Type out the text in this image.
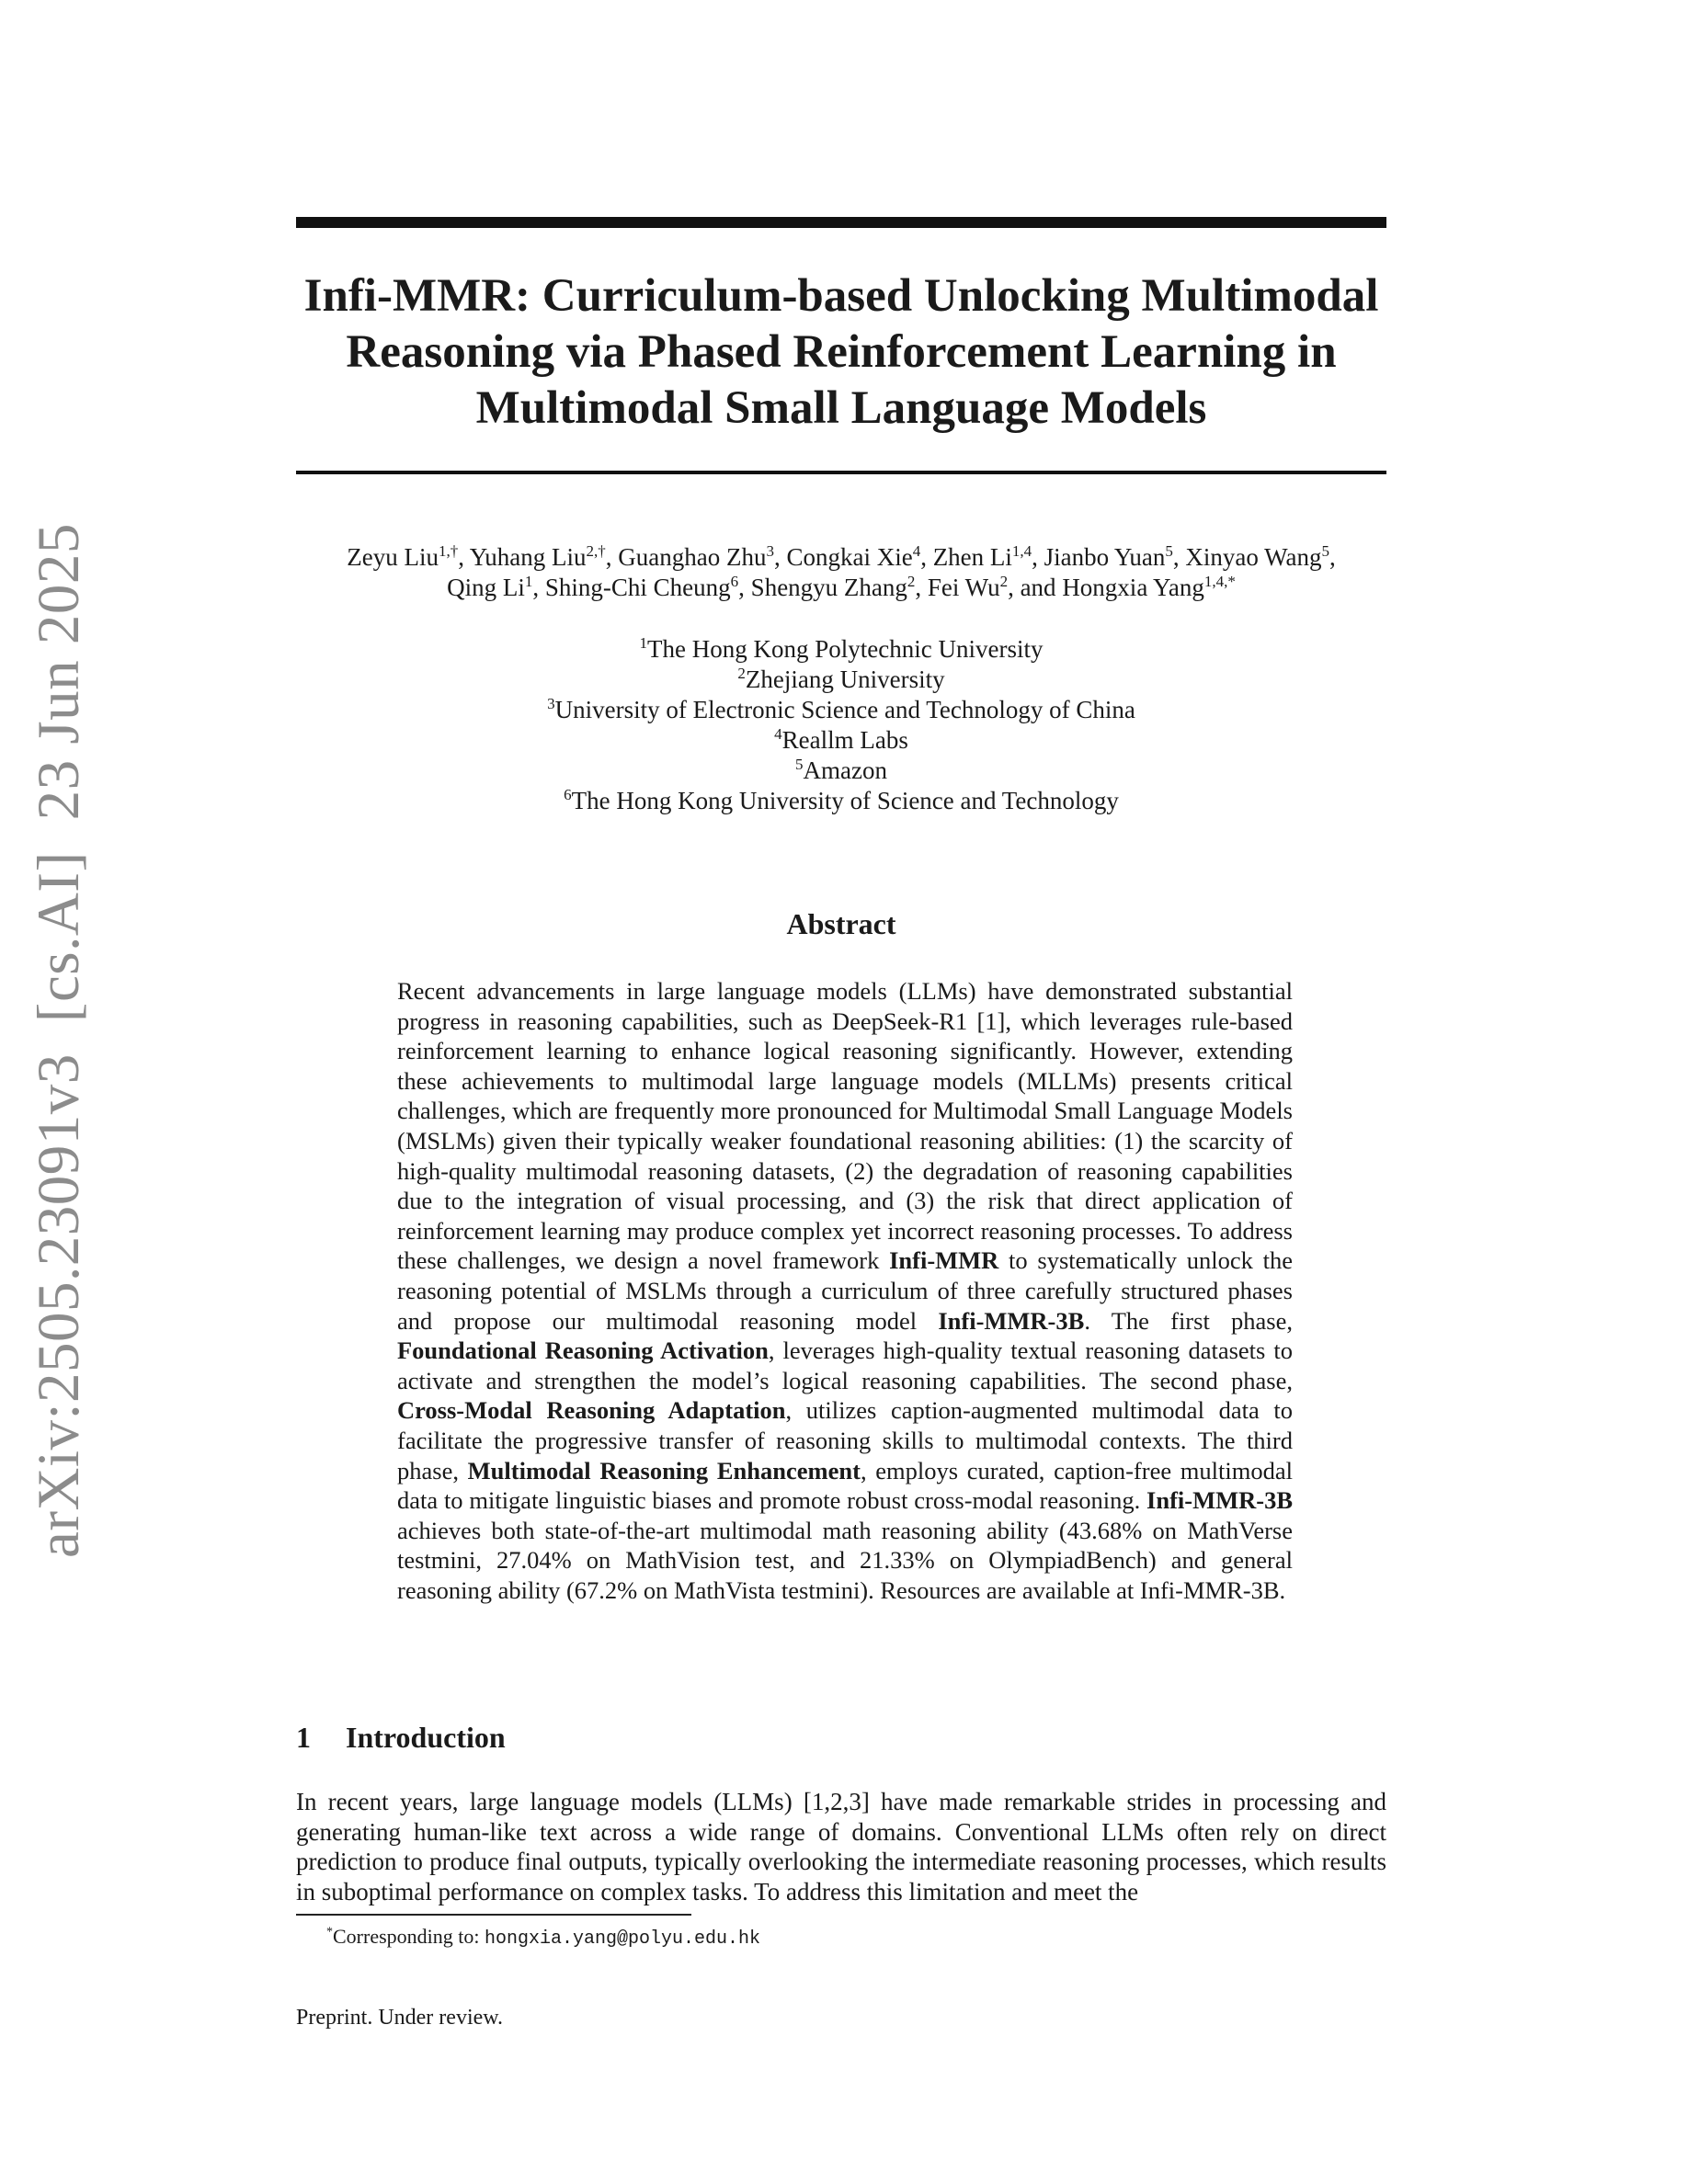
arXiv:2505.23091v3[cs.AI]23 Jun 2025
Infi-MMR: Curriculum-based Unlocking Multimodal
Reasoning via Phased Reinforcement Learning in
Multimodal Small Language Models
Zeyu Liu$^{1,\dagger}$, Yuhang Liu$^{2,\dagger}$, Guanghao Zhu$^3$, Congkai Xie$^4$, Zhen Li$^{1,4}$, Jianbo Yuan$^5$, Xinyao Wang$^5$,
Qing Li$^1$, Shing-Chi Cheung$^6$, Shengyu Zhang$^2$, Fei Wu$^2$, and Hongxia Yang$^{1,4,*}$
$^1$The Hong Kong Polytechnic University
$^2$Zhejiang University
$^3$University of Electronic Science and Technology of China
$^4$Reallm Labs
$^5$Amazon
$^6$The Hong Kong University of Science and Technology
Abstract
Recent advancements in large language models (LLMs) have demonstrated substantial progress in reasoning capabilities, such as DeepSeek-R1 [1], which leverages rule-based reinforcement learning to enhance logical reasoning significantly. However, extending these achievements to multimodal large language models (MLLMs) presents critical challenges, which are frequently more pronounced for Multimodal Small Language Models (MSLMs) given their typically weaker foundational reasoning abilities: (1) the scarcity of high-quality multimodal reasoning datasets, (2) the degradation of reasoning capabilities due to the integration of visual processing, and (3) the risk that direct application of reinforcement learning may produce complex yet incorrect reasoning processes. To address these challenges, we design a novel framework Infi-MMR to systematically unlock the reasoning potential of MSLMs through a curriculum of three carefully structured phases and propose our multimodal reasoning model Infi-MMR-3B. The first phase, Foundational Reasoning Activation, leverages high-quality textual reasoning datasets to activate and strengthen the model’s logical reasoning capabilities. The second phase, Cross-Modal Reasoning Adaptation, utilizes caption-augmented multimodal data to facilitate the progressive transfer of reasoning skills to multimodal contexts. The third phase, Multimodal Reasoning Enhancement, employs curated, caption-free multimodal data to mitigate linguistic biases and promote robust cross-modal reasoning. Infi-MMR-3B achieves both state-of-the-art multimodal math reasoning ability (43.68% on MathVerse testmini, 27.04% on MathVision test, and 21.33% on OlympiadBench) and general reasoning ability (67.2% on MathVista testmini). Resources are available at Infi-MMR-3B.
1 Introduction
In recent years, large language models (LLMs) [1,2,3] have made remarkable strides in processing and generating human-like text across a wide range of domains. Conventional LLMs often rely on direct prediction to produce final outputs, typically overlooking the intermediate reasoning processes, which results in suboptimal performance on complex tasks. To address this limitation and meet the
*Corresponding to: hongxia.yang@polyu.edu.hk
Preprint. Under review.
